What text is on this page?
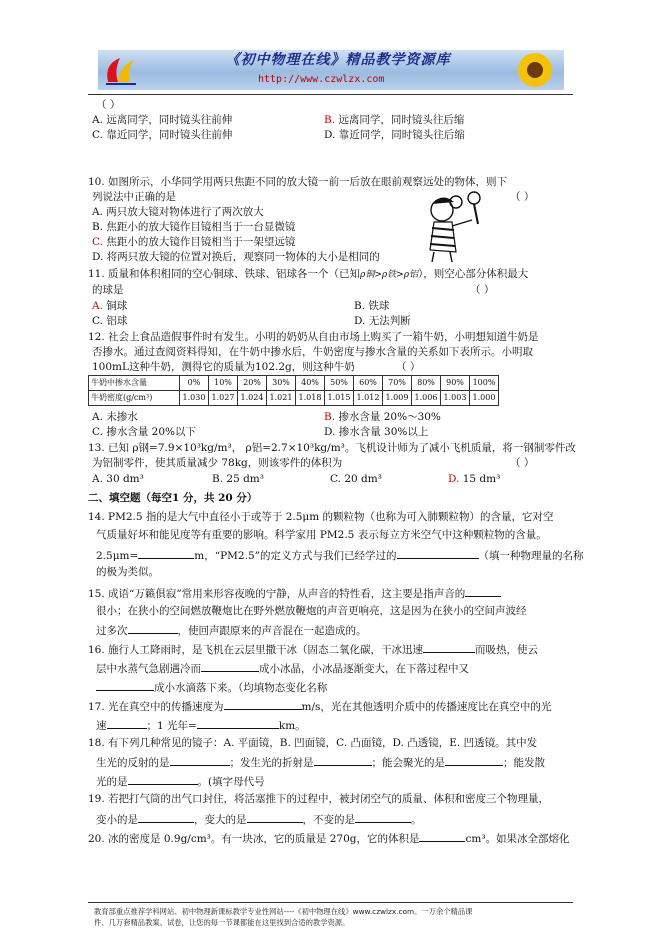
《初中物理在线》精品教学资源库
http://www.czwlzx.com
（ ）
A. 远离同学，同时镜头往前伸	B. 远离同学，同时镜头往后缩
C. 靠近同学，同时镜头往前伸	D. 靠近同学，同时镜头往后缩
10. 如图所示，小华同学用两只焦距不同的放大镜一前一后放在眼前观察远处的物体，则下
列说法中正确的是	（ ）
A. 两只放大镜对物体进行了两次放大
B. 焦距小的放大镜作目镜相当于一台显微镜
C. 焦距小的放大镜作目镜相当于一架望远镜
D. 将两只放大镜的位置对换后，观察同一物体的大小是相同的
11. 质量和体积相同的空心铜球、铁球、铝球各一个（已知ρ铜>ρ铁>ρ铝），则空心部分体积最大
的球是	（ ）
A. 铜球	B. 铁球
C. 铝球	D. 无法判断
12. 社会上食品造假事件时有发生。小明的奶奶从自由市场上购买了一箱牛奶，小明想知道牛奶是
否掺水。通过查阅资料得知，在牛奶中掺水后，牛奶密度与掺水含量的关系如下表所示。小明取
100mL这种牛奶，测得它的质量为102.2g，则这种牛奶	（ ）
牛奶中掺水含量	0%	10%	20%	30%	40%	50%	60%	70%	80%	90%	100%
牛奶密度(g/cm³)	1.030	1.027	1.024	1.021	1.018	1.015	1.012	1.009	1.006	1.003	1.000
A. 未掺水	B. 掺水含量 20%～30%
C. 掺水含量 20%以下	D. 掺水含量 30%以上
13. 已知 ρ钢=7.9×10³kg/m³， ρ铝=2.7×10³kg/m³。飞机设计师为了减小飞机质量，将一钢制零件改
为铝制零件，使其质量减少 78kg，则该零件的体积为	（ ）
A. 30 dm³	B. 25 dm³	C. 20 dm³	D. 15 dm³
二、填空题（每空1 分，共 20 分）
14. PM2.5 指的是大气中直径小于或等于 2.5μm 的颗粒物（也称为可入肺颗粒物）的含量，它对空
气质量好坏和能见度等有重要的影响。科学家用 PM2.5 表示每立方米空气中这种颗粒物的含量。
2.5μm=	m，“PM2.5”的定义方式与我们已经学过的	（填一种物理量的名称
的极为类似。
15. 成语“万籁俱寂”常用来形容夜晚的宁静，从声音的特性看，这主要是指声音的
很小；在狭小的空间燃放鞭炮比在野外燃放鞭炮的声音更响亮，这是因为在狭小的空间声波经
过多次	，使回声跟原来的声音混在一起造成的。
16. 施行人工降雨时，是飞机在云层里撒干冰（固态二氧化碳，干冰迅速	而吸热，使云
层中水蒸气急剧遇冷而	成小冰晶，小冰晶逐渐变大，在下落过程中又
成小水滴落下来。（均填物态变化名称
17. 光在真空中的传播速度为	m/s，光在其他透明介质中的传播速度比在真空中的光
速	；1 光年=	km。
18. 有下列几种常见的镜子：A. 平面镜，B. 凹面镜，C. 凸面镜，D. 凸透镜，E. 凹透镜。其中发
生光的反射的是	；发生光的折射是	；能会聚光的是	；能发散
光的是	。(填字母代号
19. 若把打气筒的出气口封住，将活塞推下的过程中，被封闭空气的质量、体积和密度三个物理量，
变小的是	，变大的是	，不变的是	。
20. 冰的密度是 0.9g/cm³。有一块冰，它的质量是 270g，它的体积是	cm³。如果冰全部熔化
教育部重点推荐学科网站、初中物理新课标教学专业性网站----《初中物理在线》www.czwlzx.com。一万余个精品课
件、几万套精品教案、试卷，让您的每一节课都能在这里找到合适的教学资源。
